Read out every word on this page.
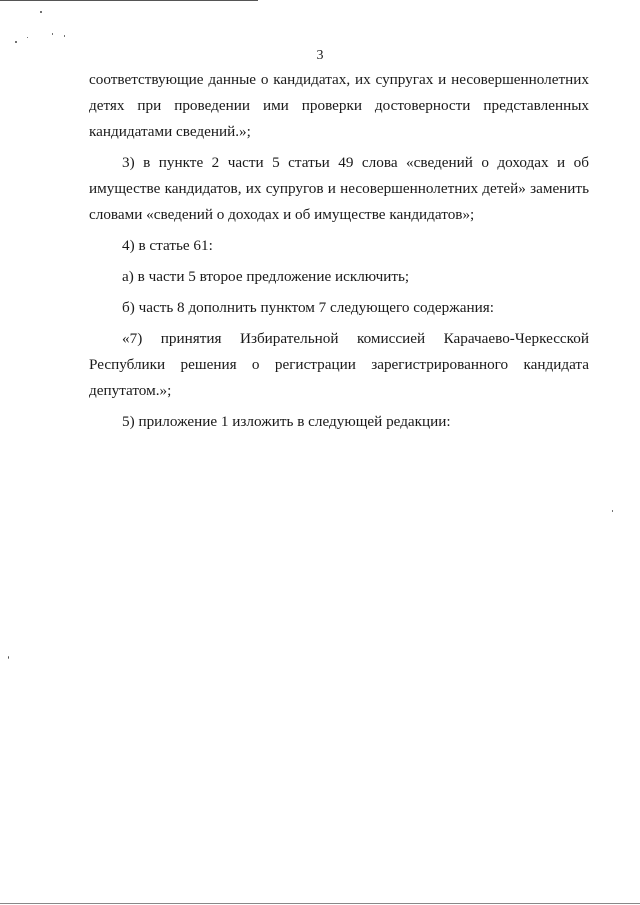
3

соответствующие данные о кандидатах, их супругах и несовершеннолетних детях при проведении ими проверки достоверности представленных

кандидатами сведений.»;

3) в пункте 2 части 5 статьи 49 слова «сведений о доходах и об имуществе кандидатов, их супругов и несовершеннолетних детей» заменить

словами «сведений о доходах и об имуществе кандидатов»;

4) в статье 61:

а) в части 5 второе предложение исключить;

б) часть 8 дополнить пунктом 7 следующего содержания:

«7) принятия Избирательной комиссией Карачаево-Черкесской Республики решения о регистрации зарегистрированного кандидата

депутатом.»;

5) приложение 1 изложить в следующей редакции:
